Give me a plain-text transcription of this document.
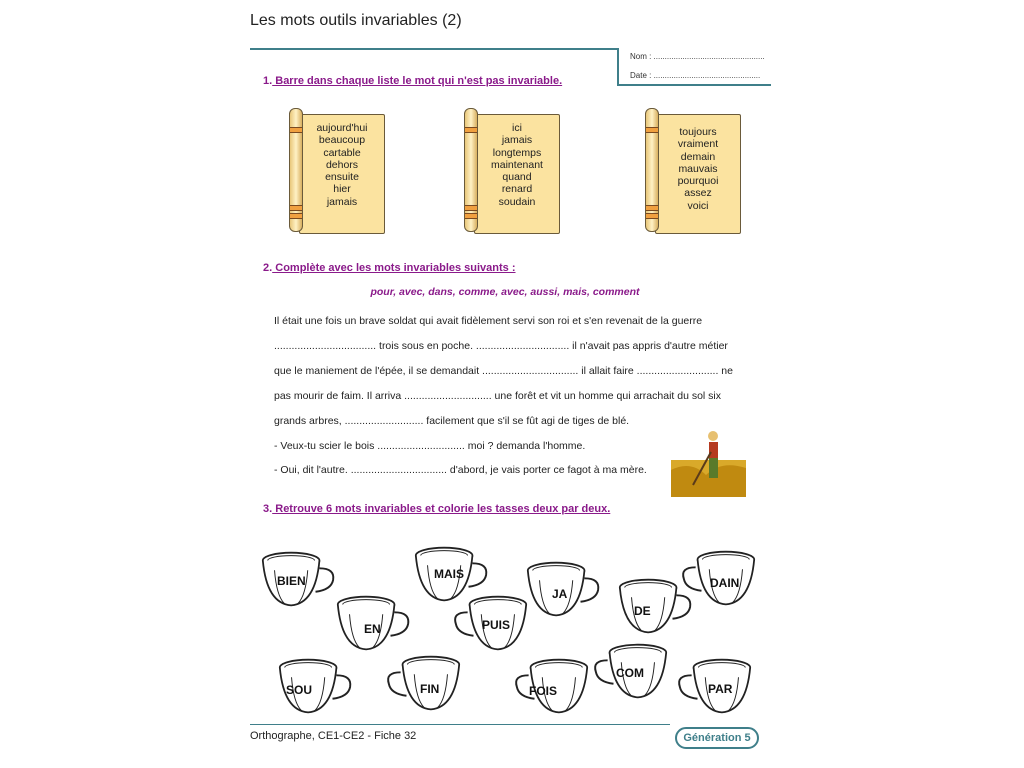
Les mots outils invariables (2)
Nom : ..................................................
Date : ................................................
1. Barre dans chaque liste le mot qui n'est pas invariable.
aujourd'hui
beaucoup
cartable
dehors
ensuite
hier
jamais
ici
jamais
longtemps
maintenant
quand
renard
soudain
toujours
vraiment
demain
mauvais
pourquoi
assez
voici
2. Complète avec les mots invariables suivants :
pour, avec, dans, comme, avec, aussi, mais, comment
Il était une fois un brave soldat qui avait fidèlement servi son roi et s'en revenait de la guerre
................................... trois sous en poche. ................................ il n'avait pas appris d'autre métier
que le maniement de l'épée, il se demandait ................................. il allait faire ............................ ne
pas mourir de faim. Il arriva .............................. une forêt et vit un homme qui arrachait du sol six
grands arbres, ........................... facilement que s'il se fût agi de tiges de blé.
- Veux-tu scier le bois .............................. moi ? demanda l'homme.
- Oui, dit l'autre. ................................. d'abord, je vais porter ce fagot à ma mère.
3. Retrouve 6 mots invariables et colorie les tasses deux par deux.
BIEN	MAIS
JA
DAIN
EN	PUIS
DE
SOU	FIN	FOIS
COM
PAR
Orthographe, CE1-CE2 - Fiche 32	Génération 5
